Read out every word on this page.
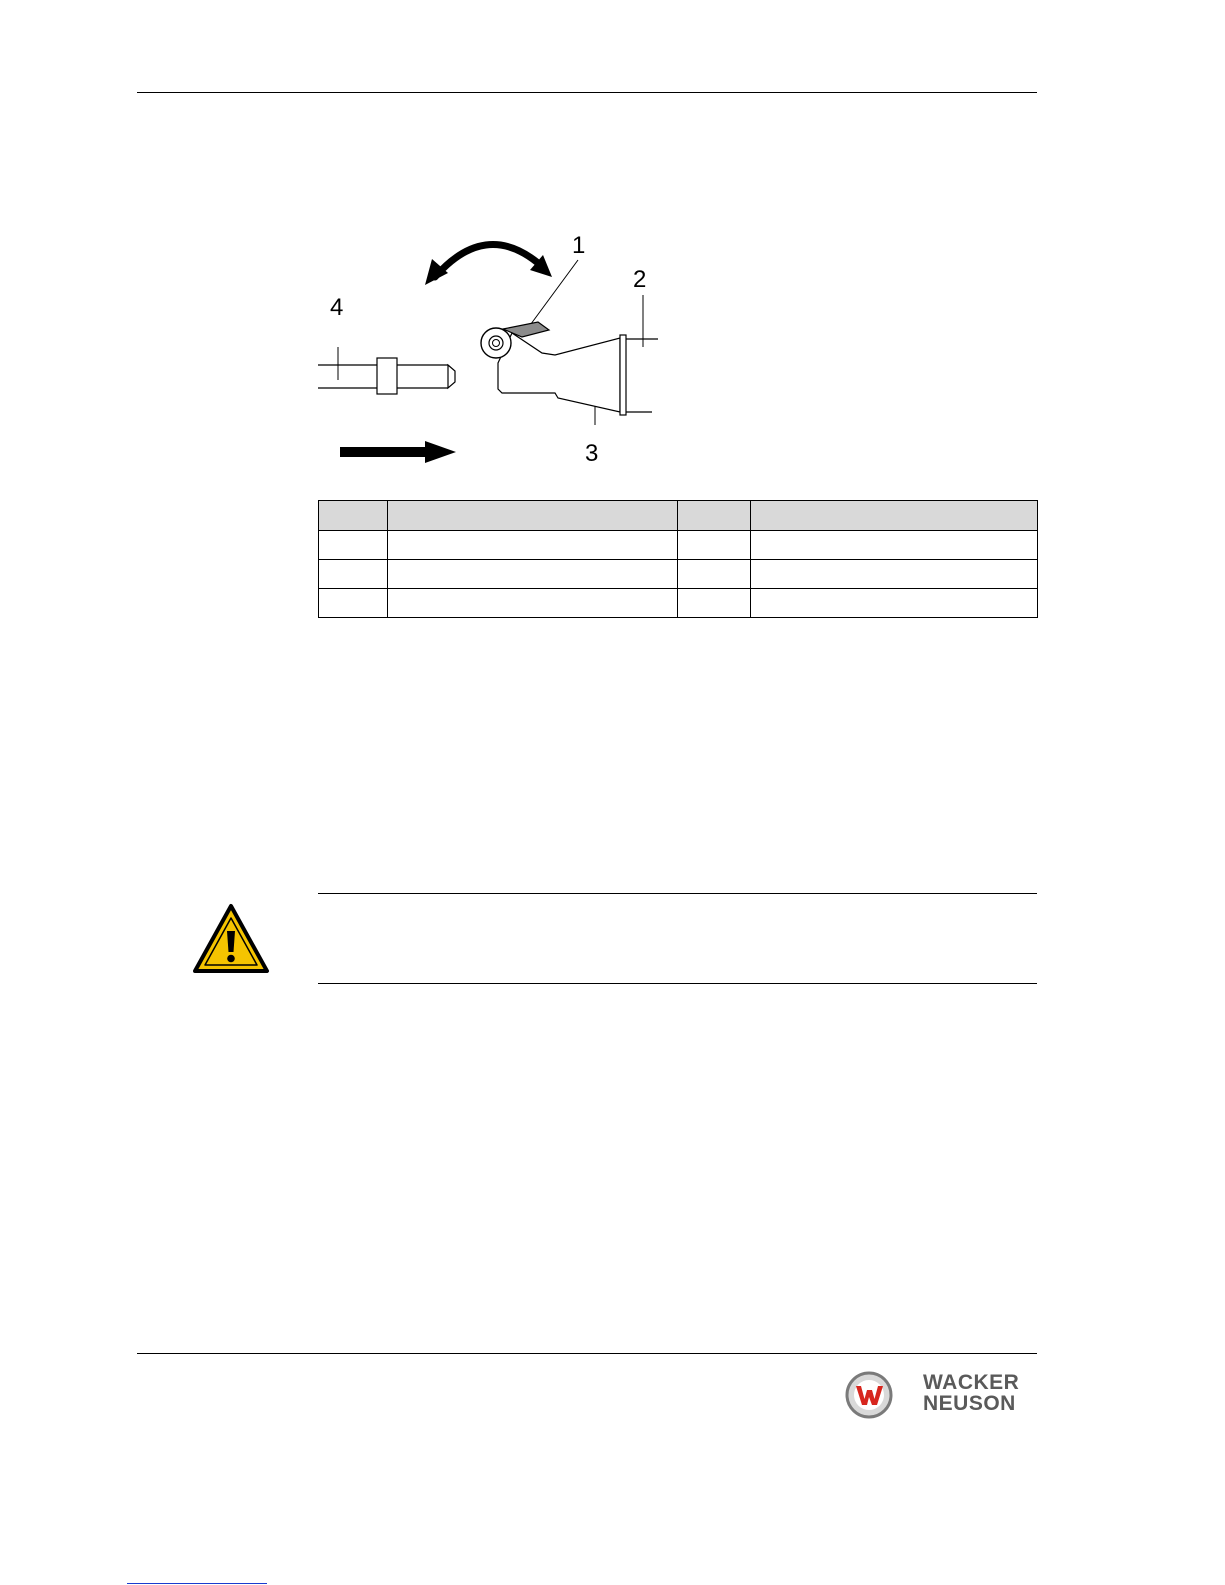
1
2
3
4

WACKER
NEUSON
